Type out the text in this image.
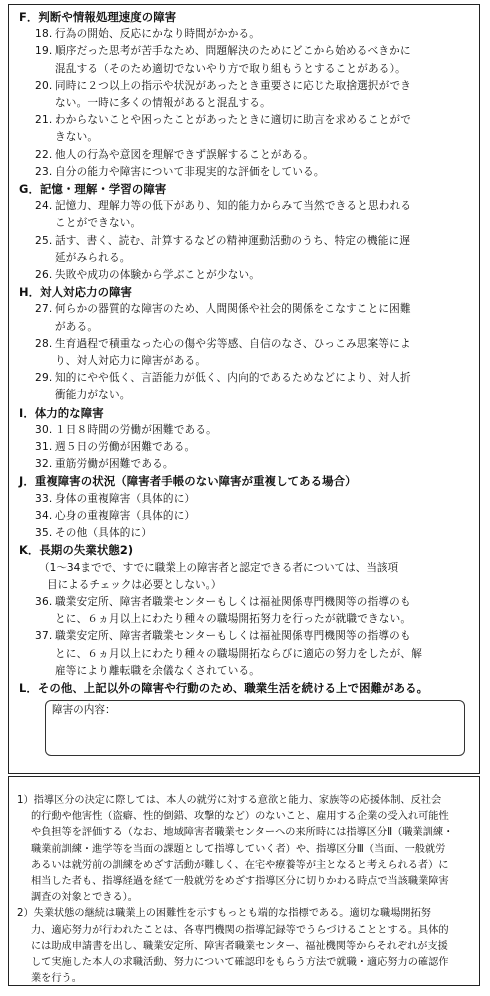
F．判断や情報処理速度の障害
18. 行為の開始、反応にかなり時間がかかる。
19. 順序だった思考が苦手なため、問題解決のためにどこから始めるべきかに
混乱する（そのため適切でないやり方で取り組もうとすることがある）。
20. 同時に２つ以上の指示や状況があったとき重要さに応じた取捨選択ができ
ない。一時に多くの情報があると混乱する。
21. わからないことや困ったことがあったときに適切に助言を求めることがで
きない。
22. 他人の行為や意図を理解できず誤解することがある。
23. 自分の能力や障害について非現実的な評価をしている。
G．記憶・理解・学習の障害
24. 記憶力、理解力等の低下があり、知的能力からみて当然できると思われる
ことができない。
25. 話す、書く、読む、計算するなどの精神運動活動のうち、特定の機能に遅
延がみられる。
26. 失敗や成功の体験から学ぶことが少ない。
H．対人対応力の障害
27. 何らかの器質的な障害のため、人間関係や社会的関係をこなすことに困難
がある。
28. 生育過程で積重なった心の傷や劣等感、自信のなさ、ひっこみ思案等によ
り、対人対応力に障害がある。
29. 知的にやや低く、言語能力が低く、内向的であるためなどにより、対人折
衝能力がない。
I．体力的な障害
30. １日８時間の労働が困難である。
31. 週５日の労働が困難である。
32. 重筋労働が困難である。
J．重複障害の状況（障害者手帳のない障害が重複してある場合）
33. 身体の重複障害（具体的に）
34. 心身の重複障害（具体的に）
35. その他（具体的に）
K．長期の失業状態2)
（1～34までで、すでに職業上の障害者と認定できる者については、当該項
目によるチェックは必要としない。）
36. 職業安定所、障害者職業センターもしくは福祉関係専門機関等の指導のも
とに、６ヵ月以上にわたり種々の職場開拓努力を行ったが就職できない。
37. 職業安定所、障害者職業センターもしくは福祉関係専門機関等の指導のも
とに、６ヵ月以上にわたり種々の職場開拓ならびに適応の努力をしたが、解
雇等により離転職を余儀なくされている。
L．その他、上記以外の障害や行動のため、職業生活を続ける上で困難がある。
障害の内容：
1）指導区分の決定に際しては、本人の就労に対する意欲と能力、家族等の応援体制、反社会
的行動や他害性（盗癖、性的倒錯、攻撃的など）のないこと、雇用する企業の受入れ可能性
や負担等を評価する（なお、地域障害者職業センターへの来所時には指導区分Ⅱ（職業訓練・
職業前訓練・進学等を当面の課題として指導していく者）や、指導区分Ⅲ（当面、一般就労
あるいは就労前の訓練をめざす活動が難しく、在宅や療養等が主となると考えられる者）に
相当した者も、指導経過を経て一般就労をめざす指導区分に切りかわる時点で当該職業障害
調査の対象とできる）。
2）失業状態の継続は職業上の困難性を示すもっとも端的な指標である。適切な職場開拓努
力、適応努力が行われたことは、各専門機関の指導記録等でうらづけることとする。具体的
には助成申請書を出し、職業安定所、障害者職業センター、福祉機関等からそれぞれが支援
して実施した本人の求職活動、努力について確認印をもらう方法で就職・適応努力の確認作
業を行う。
